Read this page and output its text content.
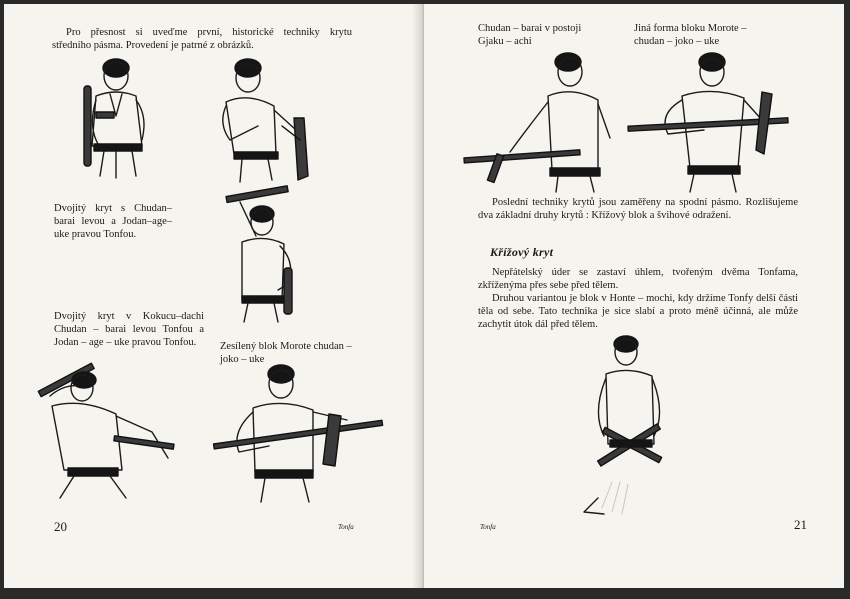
Pro přesnost si uveďme první, historické techniky krytu
středního pásma. Provedení je patrné z obrázků.
Dvojitý kryt s Chudan–barai levou a Jodan–age–uke pravou Tonfou.
Dvojitý kryt v Kokucu–dachi Chudan – barai levou Tonfou a Jodan – age – uke pravou Tonfou.	Zesílený blok Morote chudan – joko – uke
20	Tonfa
Chudan – barai v postoji Gjaku – achi
Jiná forma bloku Morote – chudan – joko – uke
Poslední techniky krytů jsou zaměřeny na spodní pásmo. Rozlišujeme dva základní druhy krytů : Křížový blok a švihové odražení.
Křížový kryt
Nepřátelský úder se zastaví úhlem, tvořeným dvěma Tonfama, zkříženýma přes sebe před tělem.
Druhou variantou je blok v Honte – mochi, kdy držíme Tonfy delší části těla od sebe. Tato technika je sice slabí a proto méně účinná, ale může zachytit útok dál před tělem.
Tonfa	21
